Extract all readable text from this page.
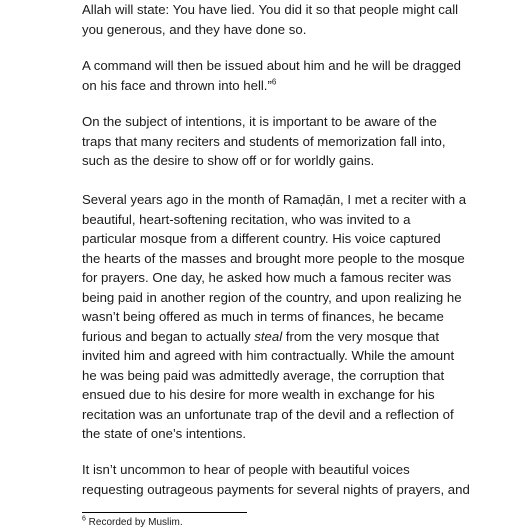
Allah will state: You have lied. You did it so that people might call
you generous, and they have done so.

A command will then be issued about him and he will be dragged
on his face and thrown into hell.”$^6$

On the subject of intentions, it is important to be aware of the
traps that many reciters and students of memorization fall into,
such as the desire to show off or for worldly gains.

Several years ago in the month of Ramaḍān, I met a reciter with a
beautiful, heart-softening recitation, who was invited to a
particular mosque from a different country. His voice captured
the hearts of the masses and brought more people to the mosque
for prayers. One day, he asked how much a famous reciter was
being paid in another region of the country, and upon realizing he
wasn’t being offered as much in terms of finances, he became
furious and began to actually steal from the very mosque that
invited him and agreed with him contractually. While the amount
he was being paid was admittedly average, the corruption that
ensued due to his desire for more wealth in exchange for his
recitation was an unfortunate trap of the devil and a reflection of
the state of one’s intentions.

It isn’t uncommon to hear of people with beautiful voices
requesting outrageous payments for several nights of prayers, and

$^6$ Recorded by Muslim.
